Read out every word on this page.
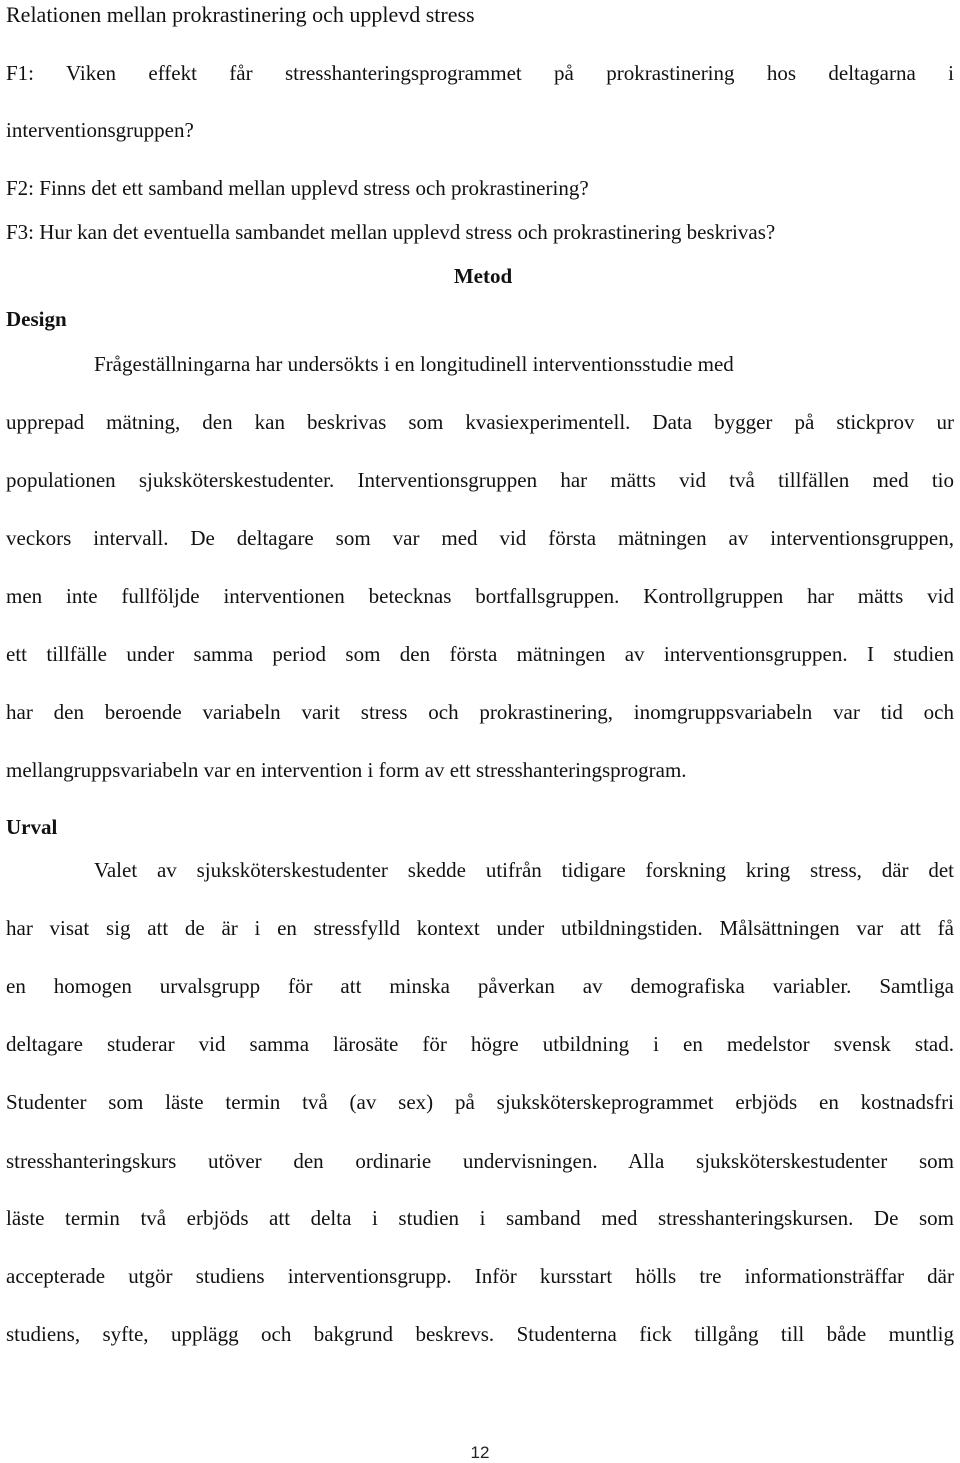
Relationen mellan prokrastinering och upplevd stress
F1: Viken effekt får stresshanteringsprogrammet på prokrastinering hos deltagarna i
interventionsgruppen?
F2: Finns det ett samband mellan upplevd stress och prokrastinering?
F3: Hur kan det eventuella sambandet mellan upplevd stress och prokrastinering beskrivas?
Metod
Design
Frågeställningarna har undersökts i en longitudinell interventionsstudie med
upprepad mätning, den kan beskrivas som kvasiexperimentell. Data bygger på stickprov ur
populationen sjuksköterskestudenter. Interventionsgruppen har mätts vid två tillfällen med tio
veckors intervall. De deltagare som var med vid första mätningen av interventionsgruppen,
men inte fullföljde interventionen betecknas bortfallsgruppen. Kontrollgruppen har mätts vid
ett tillfälle under samma period som den första mätningen av interventionsgruppen. I studien
har den beroende variabeln varit stress och prokrastinering, inomgruppsvariabeln var tid och
mellangruppsvariabeln var en intervention i form av ett stresshanteringsprogram.
Urval
Valet av sjuksköterskestudenter skedde utifrån tidigare forskning kring stress, där det
har visat sig att de är i en stressfylld kontext under utbildningstiden. Målsättningen var att få
en homogen urvalsgrupp för att minska påverkan av demografiska variabler. Samtliga
deltagare studerar vid samma lärosäte för högre utbildning i en medelstor svensk stad.
Studenter som läste termin två (av sex) på sjuksköterskeprogrammet erbjöds en kostnadsfri
stresshanteringskurs utöver den ordinarie undervisningen. Alla sjuksköterskestudenter som
läste termin två erbjöds att delta i studien i samband med stresshanteringskursen. De som
accepterade utgör studiens interventionsgrupp. Inför kursstart hölls tre informationsträffar där
studiens, syfte, upplägg och bakgrund beskrevs. Studenterna fick tillgång till både muntlig
12
